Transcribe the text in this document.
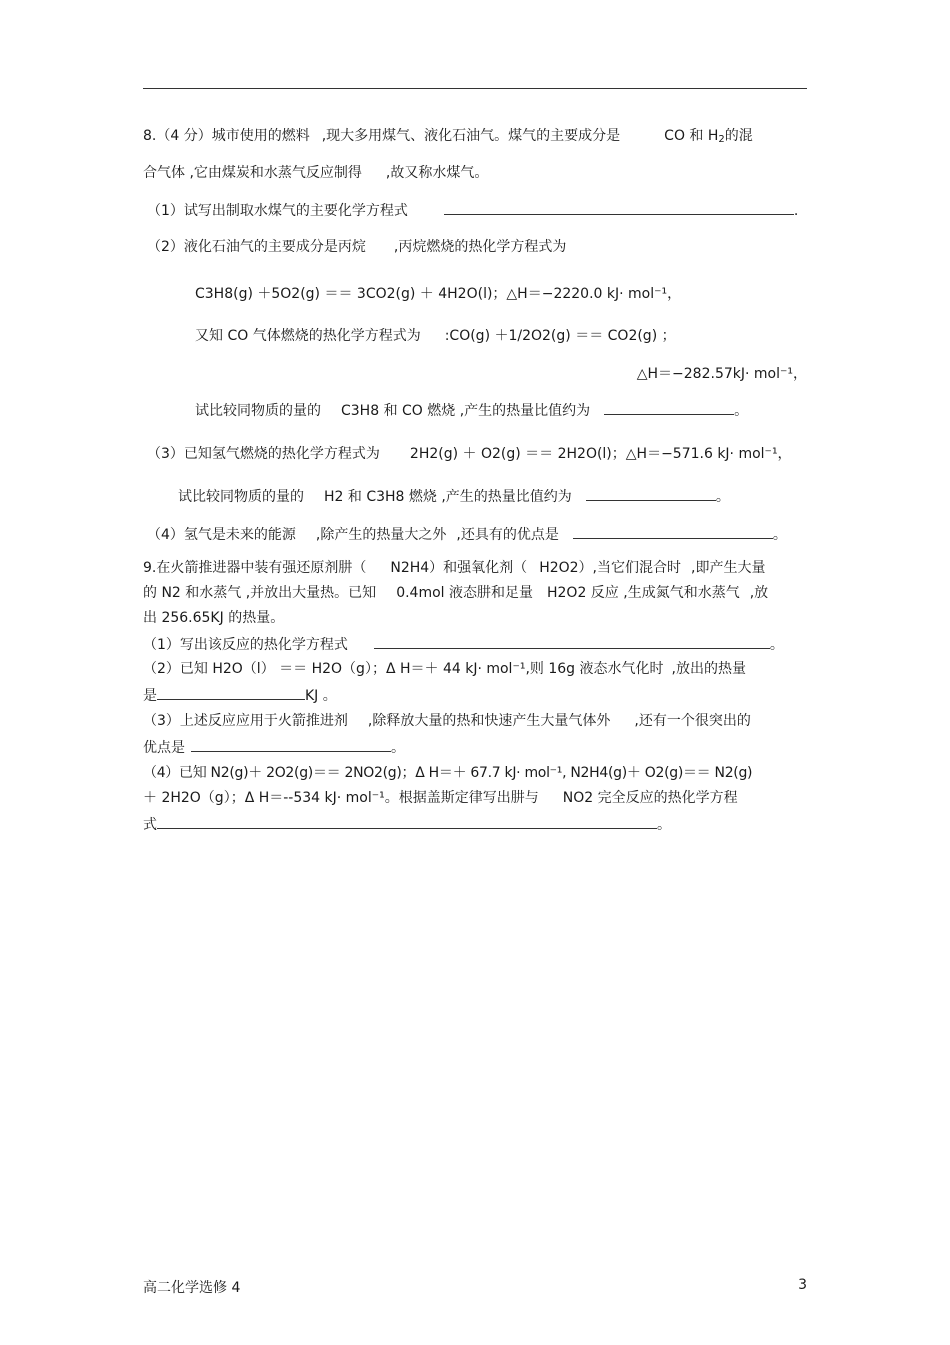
8.（4 分）城市使用的燃料 ,现大多用煤气、液化石油气。煤气的主要成分是	CO 和 $H_2$的混
合气体 ,它由煤炭和水蒸气反应制得 ,故又称水煤气。
（1）试写出制取水煤气的主要化学方程式	.
（2）液化石油气的主要成分是丙烷 ,丙烷燃烧的热化学方程式为
C3H8(g) ＋5O2(g) ＝＝ 3CO2(g) ＋ 4H2O(l)；△H＝−2220.0 kJ· mol⁻¹，
又知 CO 气体燃烧的热化学方程式为 :CO(g) ＋1/2O2(g) ＝＝ CO2(g) ；
△H＝−282.57kJ· mol⁻¹，
试比较同物质的量的 C3H8 和 CO 燃烧 ,产生的热量比值约为	。
（3）已知氢气燃烧的热化学方程式为 2H2(g) ＋ O2(g) ＝＝ 2H2O(l)；△H＝−571.6 kJ· mol⁻¹，
试比较同物质的量的 H2 和 C3H8 燃烧 ,产生的热量比值约为	。
（4）氢气是未来的能源 ,除产生的热量大之外 ,还具有的优点是	。
9.在火箭推进器中装有强还原剂肼（ N2H4）和强氧化剂（ H2O2）,当它们混合时 ,即产生大量
的 N2 和水蒸气 ,并放出大量热。已知 0.4mol 液态肼和足量 H2O2 反应 ,生成氮气和水蒸气 ,放
出 256.65KJ 的热量。
（1）写出该反应的热化学方程式	。
（2）已知 H2O（l） ＝＝ H2O（g）；Δ H＝＋ 44 kJ· mol⁻¹,则 16g 液态水气化时 ,放出的热量
是	KJ 。
（3）上述反应应用于火箭推进剂 ,除释放大量的热和快速产生大量气体外 ,还有一个很突出的
优点是	。
（4）已知 N2(g)＋ 2O2(g)＝＝ 2NO2(g)；Δ H＝＋ 67.7 kJ· mol⁻¹, N2H4(g)＋ O2(g)＝＝ N2(g)
＋ 2H2O（g）；Δ H＝--534 kJ· mol⁻¹。根据盖斯定律写出肼与 NO2 完全反应的热化学方程
式	。
高二化学选修 4	3
